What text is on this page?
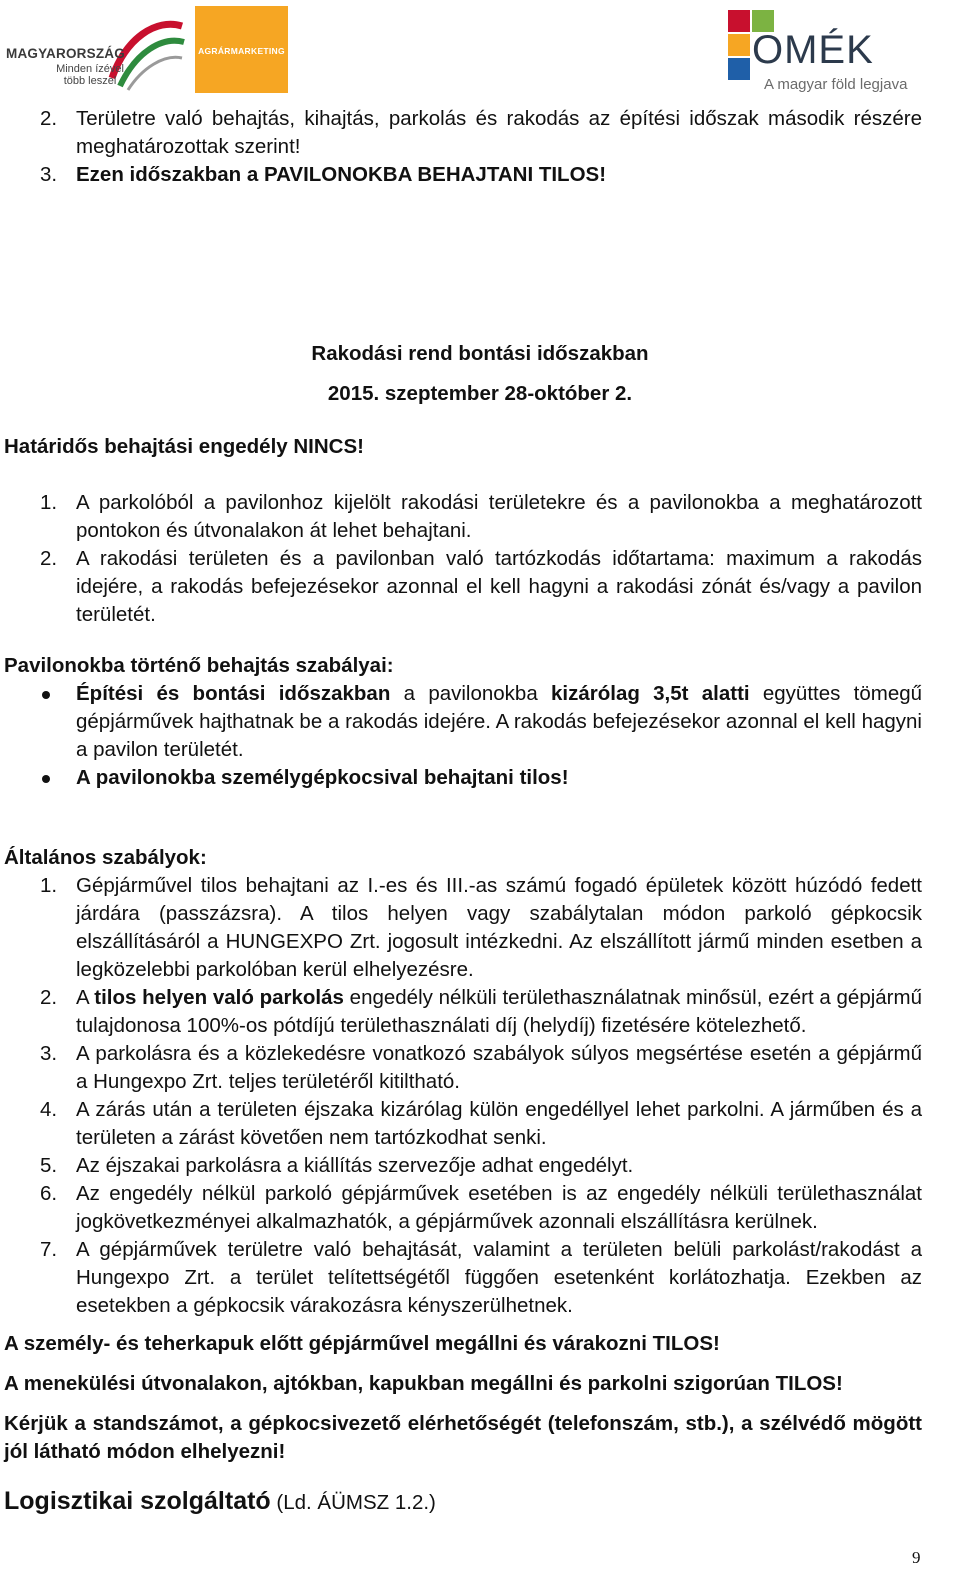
MAGYARORSZÁG
Minden ízével több leszel
AGRÁRMARKETING	OMÉK
A magyar föld legjava
2. Területre való behajtás, kihajtás, parkolás és rakodás az építési időszak második részére meghatározottak szerint!
3. Ezen időszakban a PAVILONOKBA BEHAJTANI TILOS!
Rakodási rend bontási időszakban
2015. szeptember 28-október 2.
Határidős behajtási engedély NINCS!
1. A parkolóból a pavilonhoz kijelölt rakodási területekre és a pavilonokba a meghatározott pontokon és útvonalakon át lehet behajtani.
2. A rakodási területen és a pavilonban való tartózkodás időtartama: maximum a rakodás idejére, a rakodás befejezésekor azonnal el kell hagyni a rakodási zónát és/vagy a pavilon területét.
Pavilonokba történő behajtás szabályai:
Építési és bontási időszakban a pavilonokba kizárólag 3,5t alatti együttes tömegű gépjárművek hajthatnak be a rakodás idejére. A rakodás befejezésekor azonnal el kell hagyni a pavilon területét.
A pavilonokba személygépkocsival behajtani tilos!
Általános szabályok:
1. Gépjárművel tilos behajtani az I.-es és III.-as számú fogadó épületek között húzódó fedett járdára (passzázsra). A tilos helyen vagy szabálytalan módon parkoló gépkocsik elszállításáról a HUNGEXPO Zrt. jogosult intézkedni. Az elszállított jármű minden esetben a legközelebbi parkolóban kerül elhelyezésre.
2. A tilos helyen való parkolás engedély nélküli területhasználatnak minősül, ezért a gépjármű tulajdonosa 100%-os pótdíjú területhasználati díj (helydíj) fizetésére kötelezhető.
3. A parkolásra és a közlekedésre vonatkozó szabályok súlyos megsértése esetén a gépjármű a Hungexpo Zrt. teljes területéről kitiltható.
4. A zárás után a területen éjszaka kizárólag külön engedéllyel lehet parkolni. A járműben és a területen a zárást követően nem tartózkodhat senki.
5. Az éjszakai parkolásra a kiállítás szervezője adhat engedélyt.
6. Az engedély nélkül parkoló gépjárművek esetében is az engedély nélküli területhasználat jogkövetkezményei alkalmazhatók, a gépjárművek azonnali elszállításra kerülnek.
7. A gépjárművek területre való behajtását, valamint a területen belüli parkolást/rakodást a Hungexpo Zrt. a terület telítettségétől függően esetenként korlátozhatja. Ezekben az esetekben a gépkocsik várakozásra kényszerülhetnek.
A személy- és teherkapuk előtt gépjárművel megállni és várakozni TILOS!
A menekülési útvonalakon, ajtókban, kapukban megállni és parkolni szigorúan TILOS!
Kérjük a standszámot, a gépkocsivezető elérhetőségét (telefonszám, stb.), a szélvédő mögött jól látható módon elhelyezni!
Logisztikai szolgáltató (Ld. ÁÜMSZ 1.2.)
9
